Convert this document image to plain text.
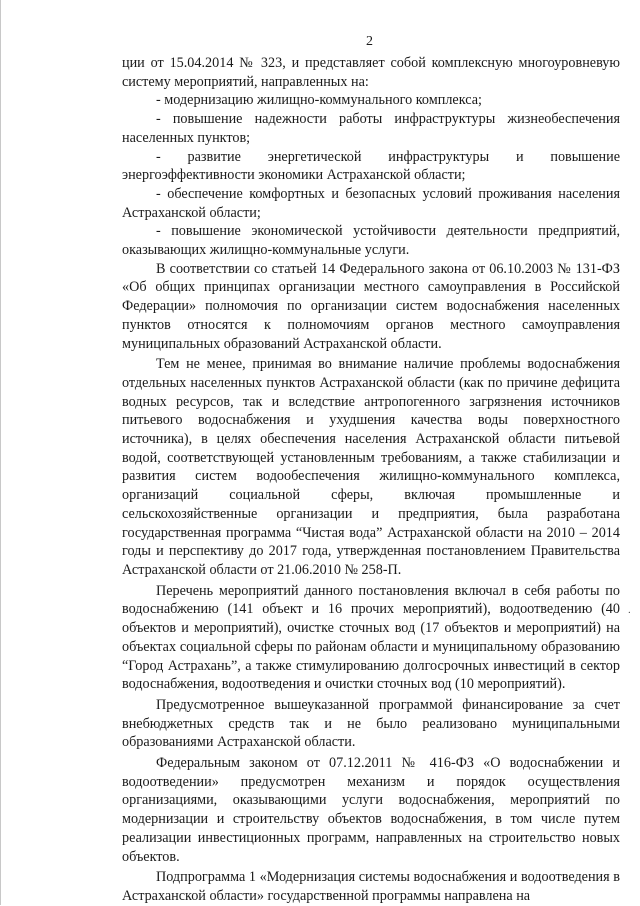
2

ции от 15.04.2014 № 323, и представляет собой комплексную многоуровневую систему мероприятий, направленных на:

- модернизацию жилищно-коммунального комплекса;

- повышение надежности работы инфраструктуры жизнеобеспечения населенных пунктов;

- развитие энергетической инфраструктуры и повышение энергоэффективности экономики Астраханской области;

- обеспечение комфортных и безопасных условий проживания населения Астраханской области;

- повышение экономической устойчивости деятельности предприятий, оказывающих жилищно-коммунальные услуги.

В соответствии со статьей 14 Федерального закона от 06.10.2003 № 131-ФЗ «Об общих принципах организации местного самоуправления в Российской Федерации» полномочия по организации систем водоснабжения населенных пунктов относятся к полномочиям органов местного самоуправления муниципальных образований Астраханской области.

Тем не менее, принимая во внимание наличие проблемы водоснабжения отдельных населенных пунктов Астраханской области (как по причине дефицита водных ресурсов, так и вследствие антропогенного загрязнения источников питьевого водоснабжения и ухудшения качества воды поверхностного источника), в целях обеспечения населения Астраханской области питьевой водой, соответствующей установленным требованиям, а также стабилизации и развития систем водообеспечения жилищно-коммунального комплекса, организаций социальной сферы, включая промышленные и сельскохозяйственные организации и предприятия, была разработана государственная программа “Чистая вода” Астраханской области на 2010 – 2014 годы и перспективу до 2017 года, утвержденная постановлением Правительства Астраханской области от 21.06.2010 № 258-П.

Перечень мероприятий данного постановления включал в себя работы по водоснабжению (141 объект и 16 прочих мероприятий), водоотведению (40 объектов и мероприятий), очистке сточных вод (17 объектов и мероприятий) на объектах социальной сферы по районам области и муниципальному образованию “Город Астрахань”, а также стимулированию долгосрочных инвестиций в сектор водоснабжения, водоотведения и очистки сточных вод (10 мероприятий).

Предусмотренное вышеуказанной программой финансирование за счет внебюджетных средств так и не было реализовано муниципальными образованиями Астраханской области.

Федеральным законом от 07.12.2011 № 416-ФЗ «О водоснабжении и водоотведении» предусмотрен механизм и порядок осуществления организациями, оказывающими услуги водоснабжения, мероприятий по модернизации и строительству объектов водоснабжения, в том числе путем реализации инвестиционных программ, направленных на строительство новых объектов.

Подпрограмма 1 «Модернизация системы водоснабжения и водоотведения в Астраханской области» государственной программы направлена на

.
